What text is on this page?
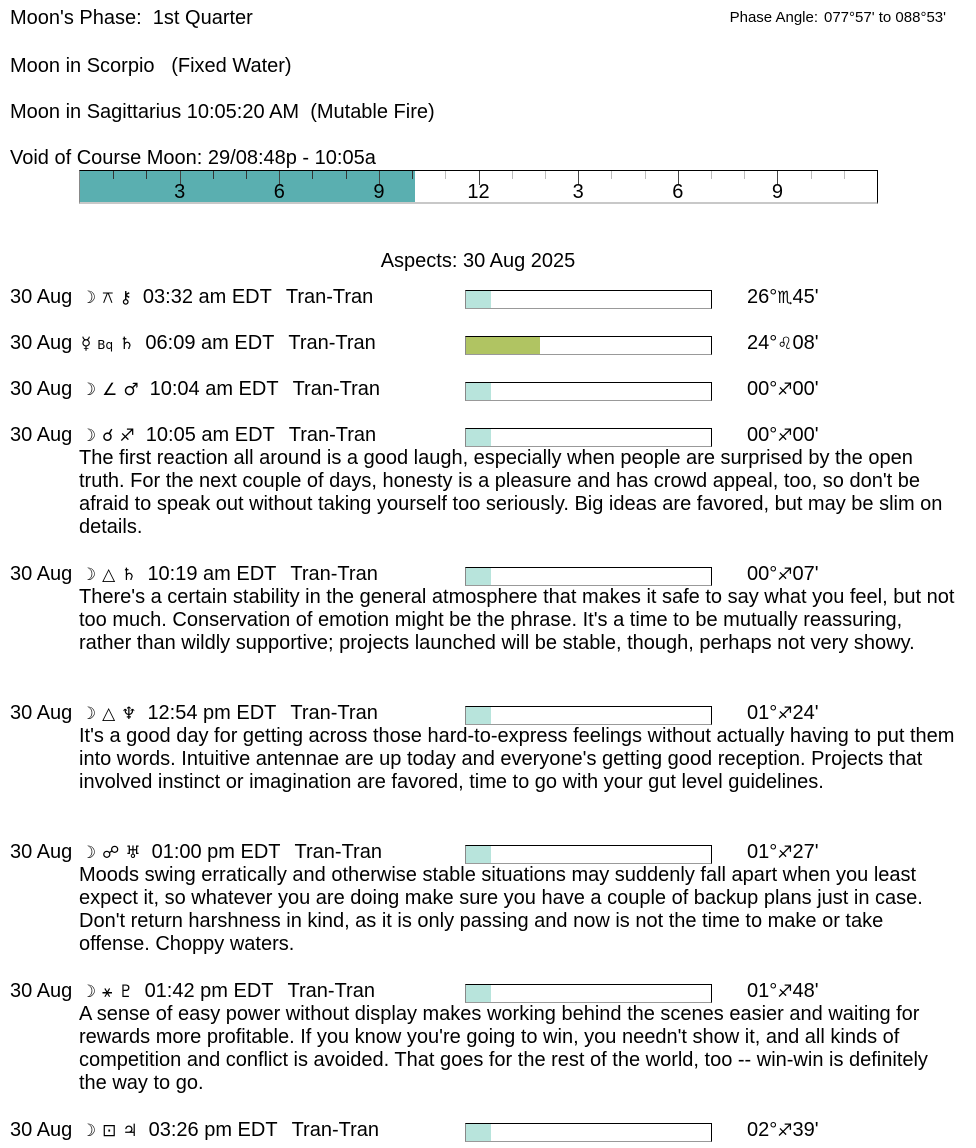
Moon's Phase: 1st Quarter	Phase Angle: 077°57' to 088°53'
Moon in Scorpio (Fixed Water)
Moon in Sagittarius 10:05:20 AM (Mutable Fire)
Void of Course Moon: 29/08:48p - 10:05a
3	6	9	12	3	6	9
Aspects: 30 Aug 2025
30 Aug ☽ ⚻ ⚷ 03:32 am EDT Tran-Tran	26°♏45'
30 Aug ☿ Bq ♄ 06:09 am EDT Tran-Tran	24°♌08'
30 Aug ☽ ∠ ♂ 10:04 am EDT Tran-Tran	00°♐00'
30 Aug ☽ ☌ ♐ 10:05 am EDT Tran-Tran	00°♐00'
The first reaction all around is a good laugh, especially when people are surprised by the open truth. For the next couple of days, honesty is a pleasure and has crowd appeal, too, so don't be afraid to speak out without taking yourself too seriously. Big ideas are favored, but may be slim on details.
30 Aug ☽ △ ♄ 10:19 am EDT Tran-Tran	00°♐07'
There's a certain stability in the general atmosphere that makes it safe to say what you feel, but not too much. Conservation of emotion might be the phrase. It's a time to be mutually reassuring, rather than wildly supportive; projects launched will be stable, though, perhaps not very showy.
30 Aug ☽ △ ♆ 12:54 pm EDT Tran-Tran	01°♐24'
It's a good day for getting across those hard-to-express feelings without actually having to put them into words. Intuitive antennae are up today and everyone's getting good reception. Projects that involved instinct or imagination are favored, time to go with your gut level guidelines.
30 Aug ☽ ☍ ♅ 01:00 pm EDT Tran-Tran	01°♐27'
Moods swing erratically and otherwise stable situations may suddenly fall apart when you least expect it, so whatever you are doing make sure you have a couple of backup plans just in case. Don't return harshness in kind, as it is only passing and now is not the time to make or take offense. Choppy waters.
30 Aug ☽ ⚹ ♇ 01:42 pm EDT Tran-Tran	01°♐48'
A sense of easy power without display makes working behind the scenes easier and waiting for rewards more profitable. If you know you're going to win, you needn't show it, and all kinds of competition and conflict is avoided. That goes for the rest of the world, too -- win-win is definitely the way to go.
30 Aug ☽ ⊡ ♃ 03:26 pm EDT Tran-Tran	02°♐39'
